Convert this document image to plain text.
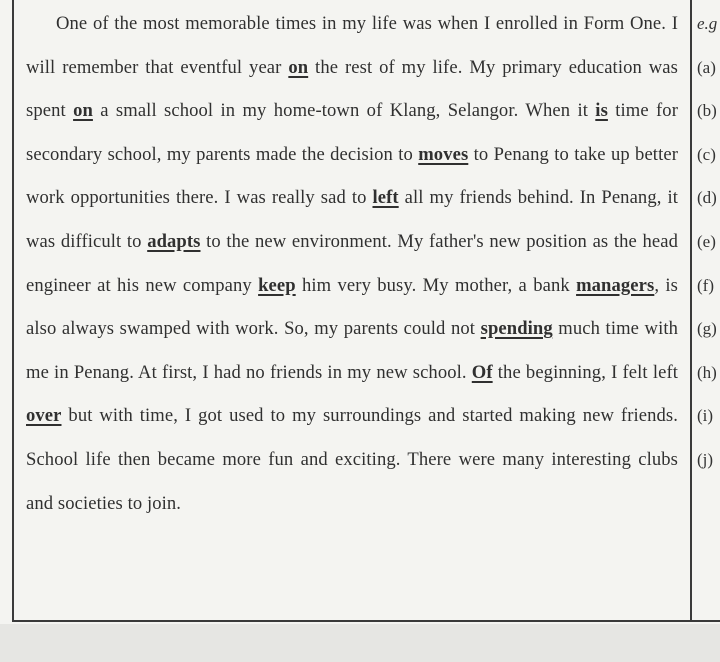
One of the most memorable times in my life was when I enrolled in Form One. I will remember that eventful year on the rest of my life. My primary education was spent on a small school in my home-town of Klang, Selangor. When it is time for secondary school, my parents made the decision to moves to Penang to take up better work opportunities there. I was really sad to left all my friends behind. In Penang, it was difficult to adapts to the new environment. My father's new position as the head engineer at his new company keep him very busy. My mother, a bank managers, is also always swamped with work. So, my parents could not spending much time with me in Penang. At first, I had no friends in my new school. Of the beginning, I felt left over but with time, I got used to my surroundings and started making new friends. School life then became more fun and exciting. There were many interesting clubs and societies to join.

e.g
(a)
(b)
(c)
(d)
(e)
(f)
(g)
(h)
(i)
(j)
